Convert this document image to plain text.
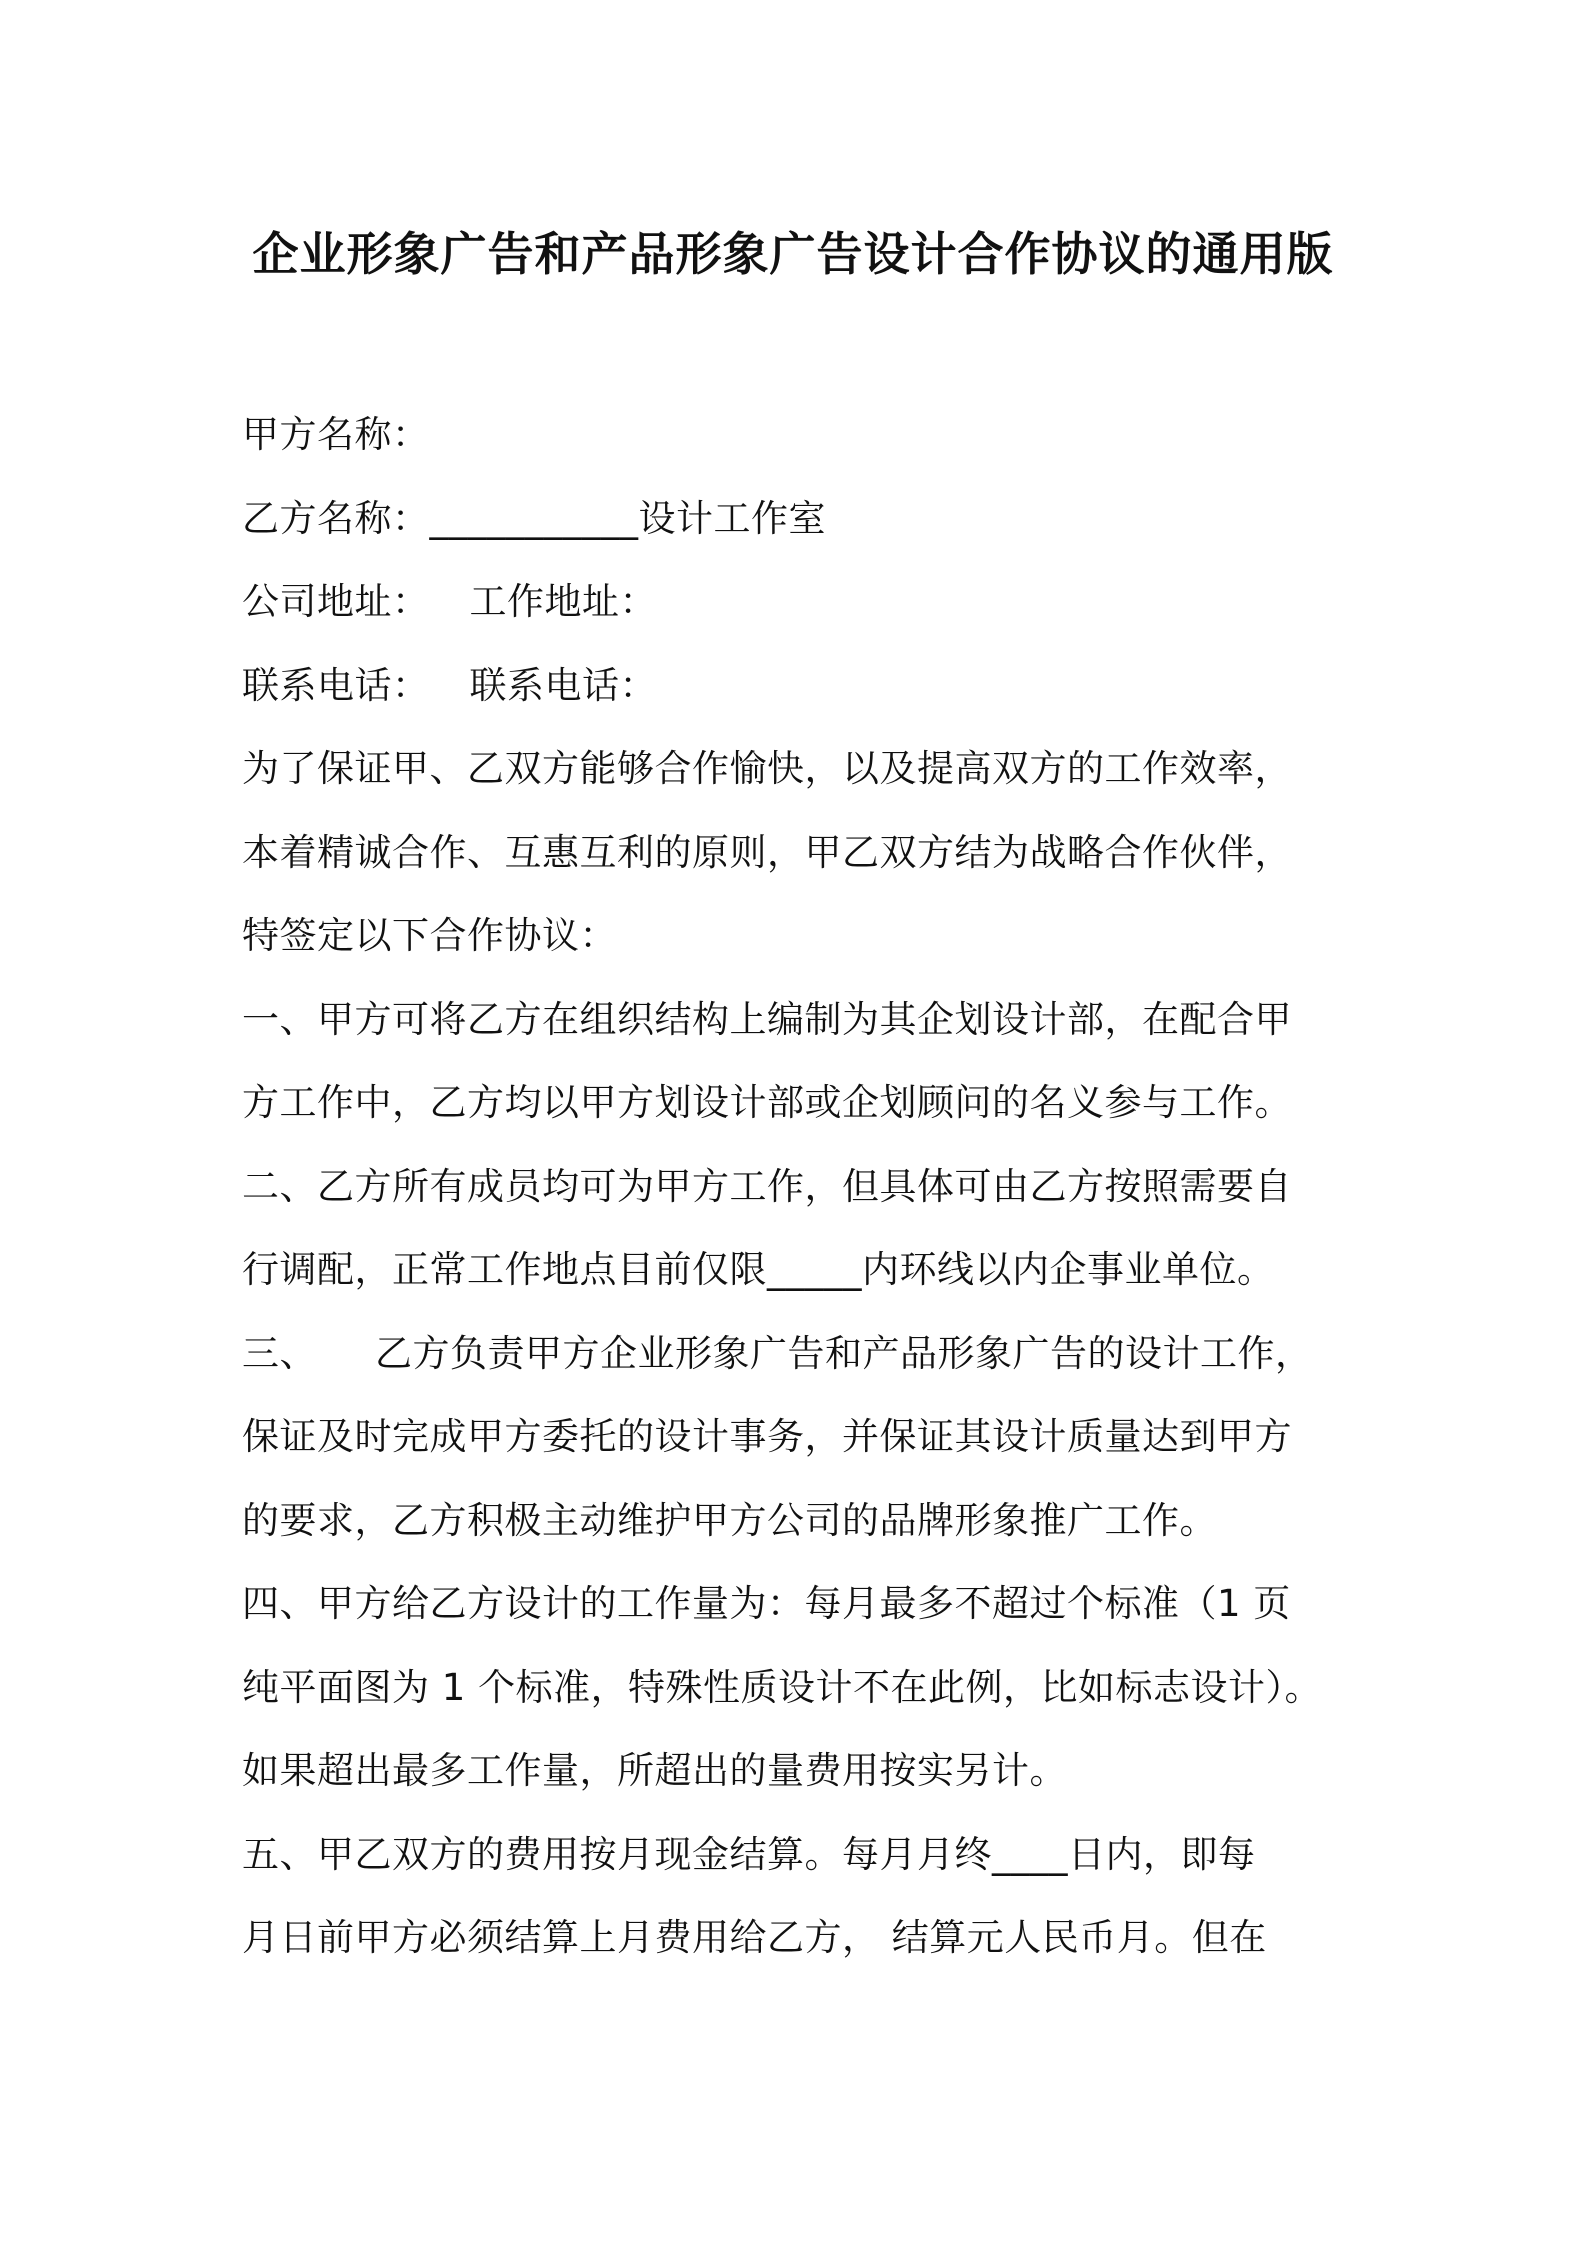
企业形象广告和产品形象广告设计合作协议的通用版
甲方名称：
乙方名称：___________设计工作室
公司地址： 工作地址：
联系电话： 联系电话：
为了保证甲、乙双方能够合作愉快，以及提高双方的工作效率，
本着精诚合作、互惠互利的原则，甲乙双方结为战略合作伙伴，
特签定以下合作协议：
一、甲方可将乙方在组织结构上编制为其企划设计部，在配合甲
方工作中，乙方均以甲方划设计部或企划顾问的名义参与工作。
二、乙方所有成员均可为甲方工作，但具体可由乙方按照需要自
行调配，正常工作地点目前仅限_____内环线以内企事业单位。
三、 乙方负责甲方企业形象广告和产品形象广告的设计工作，
保证及时完成甲方委托的设计事务，并保证其设计质量达到甲方
的要求，乙方积极主动维护甲方公司的品牌形象推广工作。
四、甲方给乙方设计的工作量为：每月最多不超过个标准（1 页
纯平面图为 1 个标准，特殊性质设计不在此例，比如标志设计）。
如果超出最多工作量，所超出的量费用按实另计。
五、甲乙双方的费用按月现金结算。每月月终____日内，即每
月日前甲方必须结算上月费用给乙方， 结算元人民币月。但在
